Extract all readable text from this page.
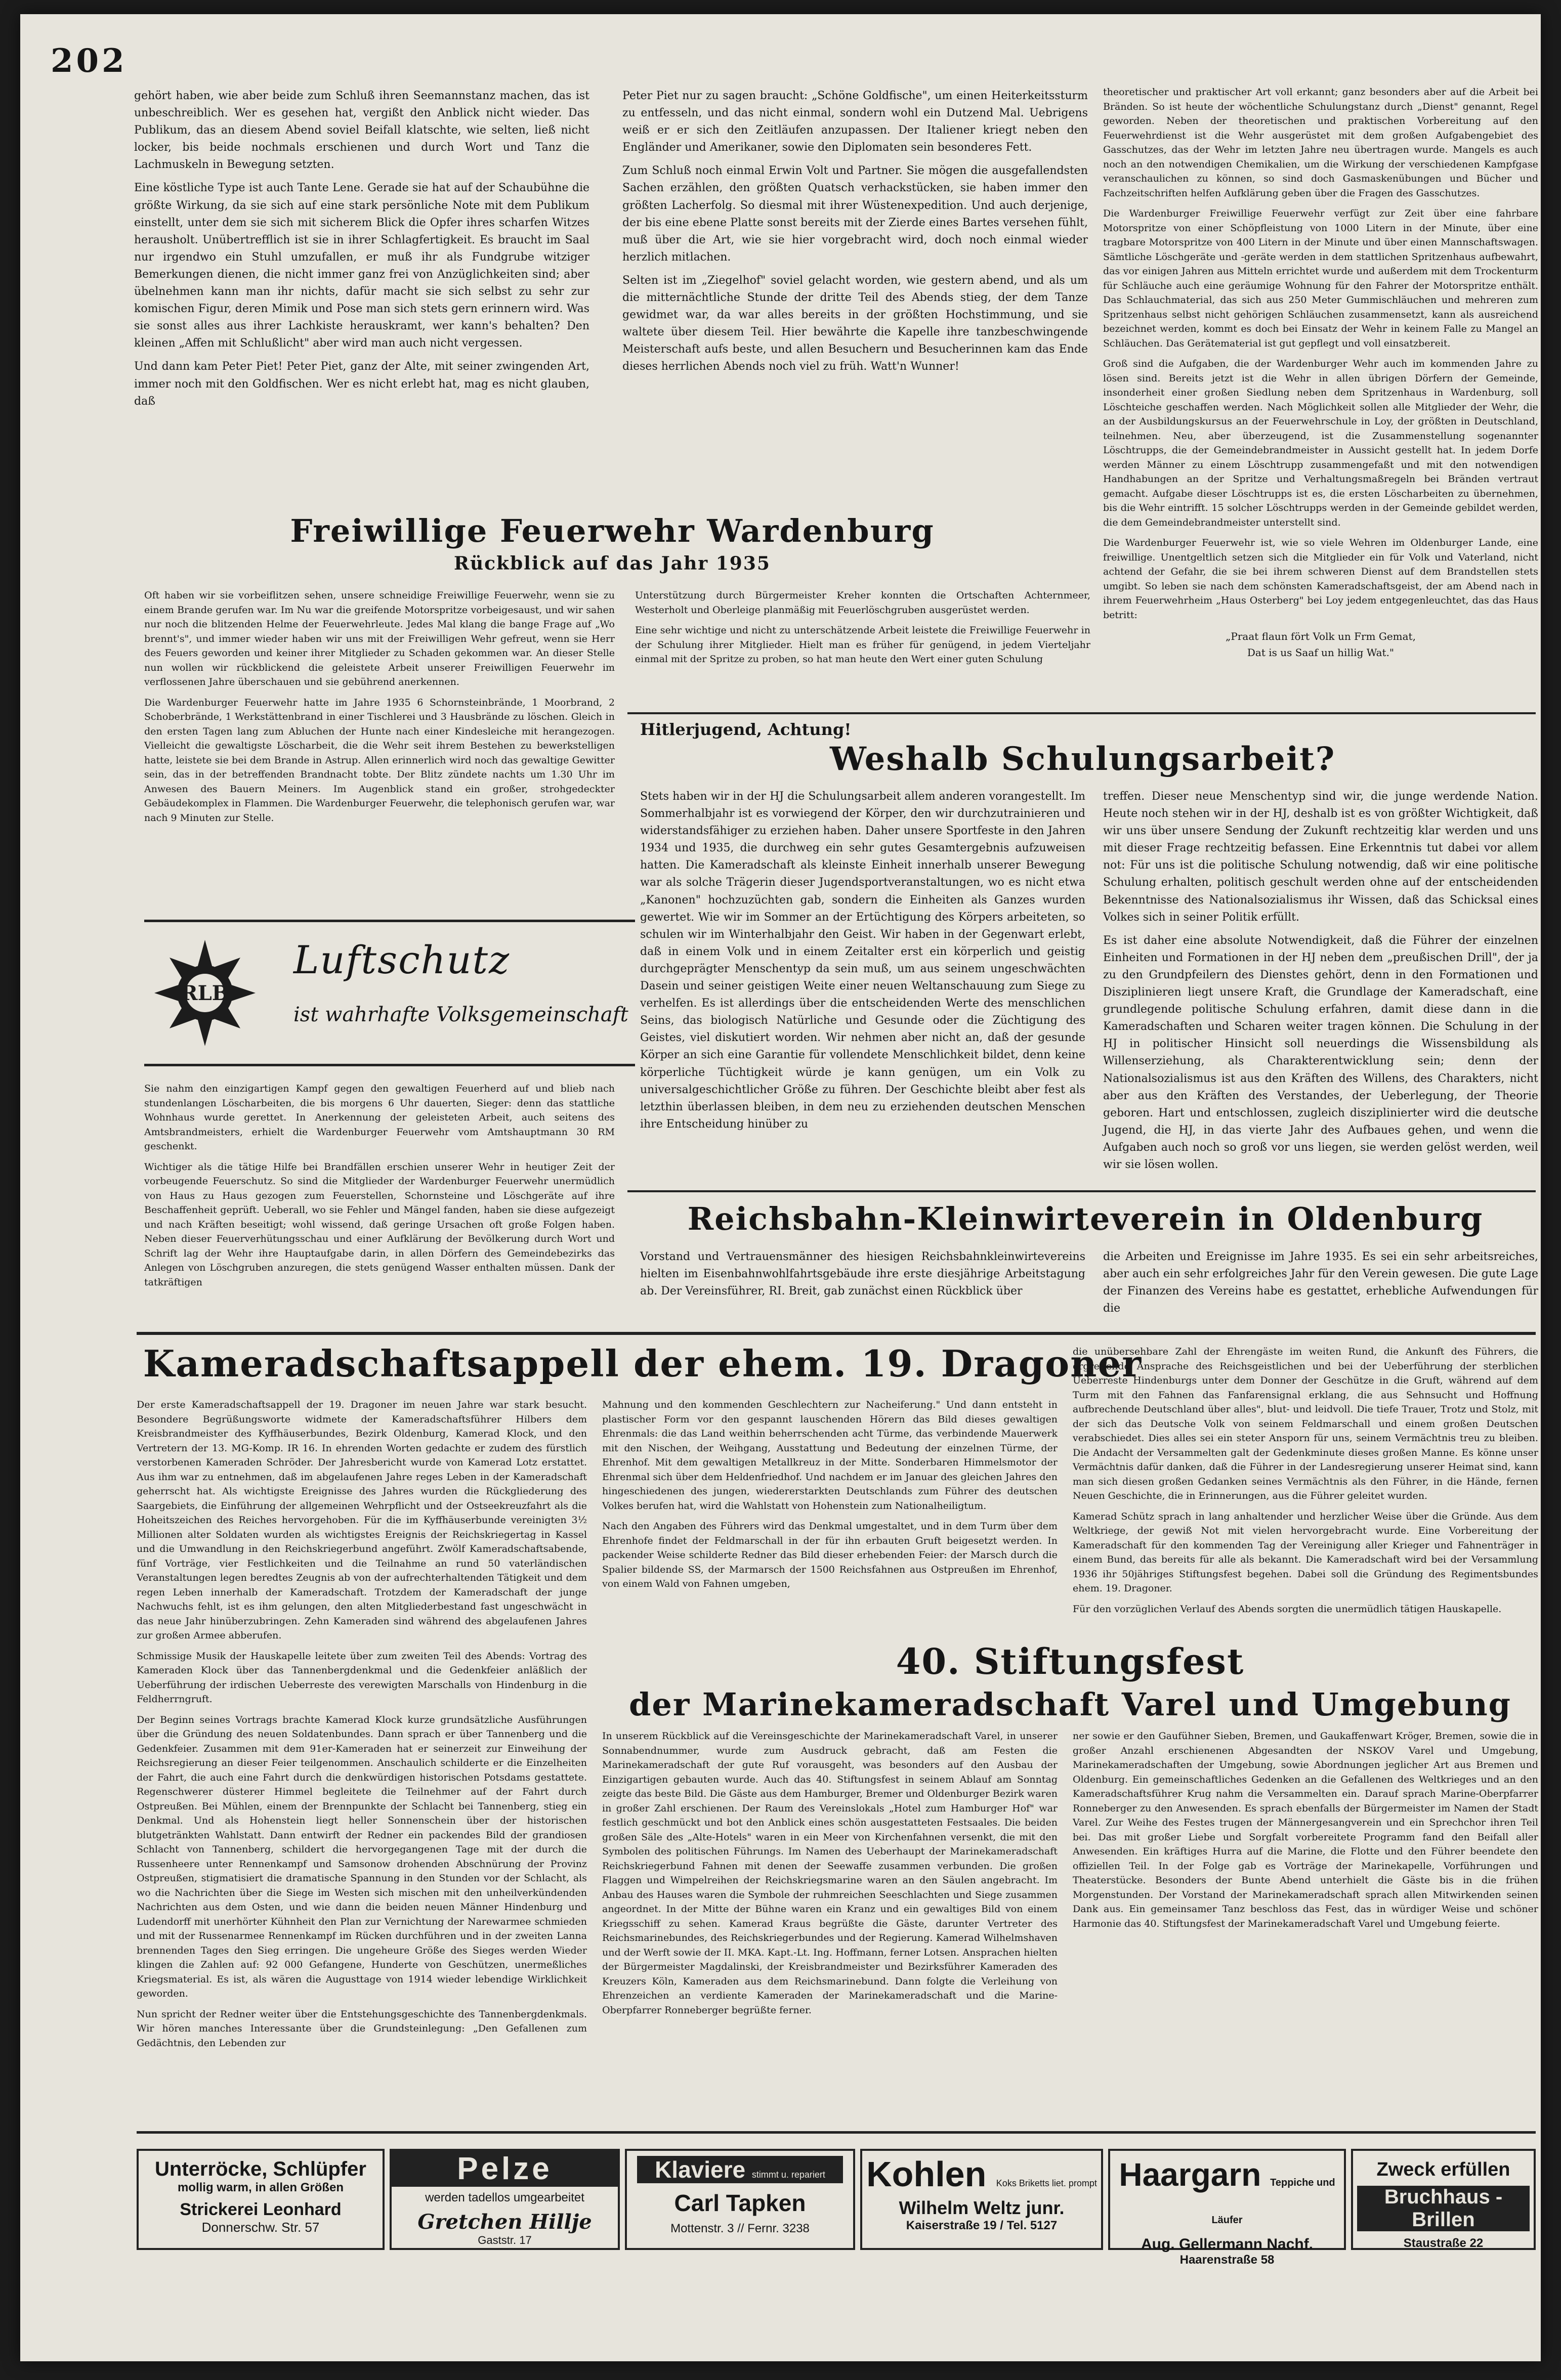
202

gehört haben, wie aber beide zum Schluß ihren Seemannstanz machen, das ist unbeschreiblich. Wer es gesehen hat, vergißt den Anblick nicht wieder. Das Publikum, das an diesem Abend soviel Beifall klatschte, wie selten, ließ nicht locker, bis beide nochmals erschienen und durch Wort und Tanz die Lachmuskeln in Bewegung setzten.

Eine köstliche Type ist auch Tante Lene. Gerade sie hat auf der Schaubühne die größte Wirkung, da sie sich auf eine stark persönliche Note mit dem Publikum einstellt, unter dem sie sich mit sicherem Blick die Opfer ihres scharfen Witzes herausholt. Unübertrefflich ist sie in ihrer Schlagfertigkeit. Es braucht im Saal nur irgendwo ein Stuhl umzufallen, er muß ihr als Fundgrube witziger Bemerkungen dienen, die nicht immer ganz frei von Anzüglichkeiten sind; aber übelnehmen kann man ihr nichts, dafür macht sie sich selbst zu sehr zur komischen Figur, deren Mimik und Pose man sich stets gern erinnern wird. Was sie sonst alles aus ihrer Lachkiste herauskramt, wer kann's behalten? Den kleinen „Affen mit Schlußlicht" aber wird man auch nicht vergessen.

Und dann kam Peter Piet! Peter Piet, ganz der Alte, mit seiner zwingenden Art, immer noch mit den Goldfischen. Wer es nicht erlebt hat, mag es nicht glauben, daß

Peter Piet nur zu sagen braucht: „Schöne Goldfische", um einen Heiterkeitssturm zu entfesseln, und das nicht einmal, sondern wohl ein Dutzend Mal. Uebrigens weiß er er sich den Zeitläufen anzupassen. Der Italiener kriegt neben den Engländer und Amerikaner, sowie den Diplomaten sein besonderes Fett.

Zum Schluß noch einmal Erwin Volt und Partner. Sie mögen die ausgefallendsten Sachen erzählen, den größten Quatsch verhackstücken, sie haben immer den größten Lacherfolg. So diesmal mit ihrer Wüstenexpedition. Und auch derjenige, der bis eine ebene Platte sonst bereits mit der Zierde eines Bartes versehen fühlt, muß über die Art, wie sie hier vorgebracht wird, doch noch einmal wieder herzlich mitlachen.

Selten ist im „Ziegelhof" soviel gelacht worden, wie gestern abend, und als um die mitternächtliche Stunde der dritte Teil des Abends stieg, der dem Tanze gewidmet war, da war alles bereits in der größten Hochstimmung, und sie waltete über diesem Teil. Hier bewährte die Kapelle ihre tanzbeschwingende Meisterschaft aufs beste, und allen Besuchern und Besucherinnen kam das Ende dieses herrlichen Abends noch viel zu früh. Watt'n Wunner!

theoretischer und praktischer Art voll erkannt; ganz besonders aber auf die Arbeit bei Bränden. So ist heute der wöchentliche Schulungstanz durch „Dienst" genannt, Regel geworden. Neben der theoretischen und praktischen Vorbereitung auf den Feuerwehrdienst ist die Wehr ausgerüstet mit dem großen Aufgabengebiet des Gasschutzes, das der Wehr im letzten Jahre neu übertragen wurde. Mangels es auch noch an den notwendigen Chemikalien, um die Wirkung der verschiedenen Kampfgase veranschaulichen zu können, so sind doch Gasmaskenübungen und Bücher und Fachzeitschriften helfen Aufklärung geben über die Fragen des Gasschutzes.

Die Wardenburger Freiwillige Feuerwehr verfügt zur Zeit über eine fahrbare Motorspritze von einer Schöpfleistung von 1000 Litern in der Minute, über eine tragbare Motorspritze von 400 Litern in der Minute und über einen Mannschaftswagen. Sämtliche Löschgeräte und -geräte werden in dem stattlichen Spritzenhaus aufbewahrt, das vor einigen Jahren aus Mitteln errichtet wurde und außerdem mit dem Trockenturm für Schläuche auch eine geräumige Wohnung für den Fahrer der Motorspritze enthält. Das Schlauchmaterial, das sich aus 250 Meter Gummischläuchen und mehreren zum Spritzenhaus selbst nicht gehörigen Schläuchen zusammensetzt, kann als ausreichend bezeichnet werden, kommt es doch bei Einsatz der Wehr in keinem Falle zu Mangel an Schläuchen. Das Gerätematerial ist gut gepflegt und voll einsatzbereit.

Groß sind die Aufgaben, die der Wardenburger Wehr auch im kommenden Jahre zu lösen sind. Bereits jetzt ist die Wehr in allen übrigen Dörfern der Gemeinde, insonderheit einer großen Siedlung neben dem Spritzenhaus in Wardenburg, soll Löschteiche geschaffen werden. Nach Möglichkeit sollen alle Mitglieder der Wehr, die an der Ausbildungskursus an der Feuerwehrschule in Loy, der größten in Deutschland, teilnehmen. Neu, aber überzeugend, ist die Zusammenstellung sogenannter Löschtrupps, die der Gemeindebrandmeister in Aussicht gestellt hat. In jedem Dorfe werden Männer zu einem Löschtrupp zusammengefaßt und mit den notwendigen Handhabungen an der Spritze und Verhaltungsmaßregeln bei Bränden vertraut gemacht. Aufgabe dieser Löschtrupps ist es, die ersten Löscharbeiten zu übernehmen, bis die Wehr eintrifft. 15 solcher Löschtrupps werden in der Gemeinde gebildet werden, die dem Gemeindebrandmeister unterstellt sind.

Die Wardenburger Feuerwehr ist, wie so viele Wehren im Oldenburger Lande, eine freiwillige. Unentgeltlich setzen sich die Mitglieder ein für Volk und Vaterland, nicht achtend der Gefahr, die sie bei ihrem schweren Dienst auf dem Brandstellen stets umgibt. So leben sie nach dem schönsten Kameradschaftsgeist, der am Abend nach in ihrem Feuerwehrheim „Haus Osterberg" bei Loy jedem entgegenleuchtet, das das Haus betritt:

„Praat flaun fört Volk un Frm Gemat,
Dat is us Saaf un hillig Wat."
Freiwillige Feuerwehr Wardenburg
Rückblick auf das Jahr 1935

Oft haben wir sie vorbeiflitzen sehen, unsere schneidige Freiwillige Feuerwehr, wenn sie zu einem Brande gerufen war. Im Nu war die greifende Motorspritze vorbeigesaust, und wir sahen nur noch die blitzenden Helme der Feuerwehrleute. Jedes Mal klang die bange Frage auf „Wo brennt's", und immer wieder haben wir uns mit der Freiwilligen Wehr gefreut, wenn sie Herr des Feuers geworden und keiner ihrer Mitglieder zu Schaden gekommen war. An dieser Stelle nun wollen wir rückblickend die geleistete Arbeit unserer Freiwilligen Feuerwehr im verflossenen Jahre überschauen und sie gebührend anerkennen.

Die Wardenburger Feuerwehr hatte im Jahre 1935 6 Schornsteinbrände, 1 Moorbrand, 2 Schoberbrände, 1 Werkstättenbrand in einer Tischlerei und 3 Hausbrände zu löschen. Gleich in den ersten Tagen lang zum Abluchen der Hunte nach einer Kindesleiche mit herangezogen. Vielleicht die gewaltigste Löscharbeit, die die Wehr seit ihrem Bestehen zu bewerkstelligen hatte, leistete sie bei dem Brande in Astrup. Allen erinnerlich wird noch das gewaltige Gewitter sein, das in der betreffenden Brandnacht tobte. Der Blitz zündete nachts um 1.30 Uhr im Anwesen des Bauern Meiners. Im Augenblick stand ein großer, strohgedeckter Gebäudekomplex in Flammen. Die Wardenburger Feuerwehr, die telephonisch gerufen war, war nach 9 Minuten zur Stelle.

Unterstützung durch Bürgermeister Kreher konnten die Ortschaften Achternmeer, Westerholt und Oberleige planmäßig mit Feuerlöschgruben ausgerüstet werden.

Eine sehr wichtige und nicht zu unterschätzende Arbeit leistete die Freiwillige Feuerwehr in der Schulung ihrer Mitglieder. Hielt man es früher für genügend, in jedem Vierteljahr einmal mit der Spritze zu proben, so hat man heute den Wert einer guten Schulung

RLB
Luftschutz
ist wahrhafte Volksgemeinschaft

Sie nahm den einzigartigen Kampf gegen den gewaltigen Feuerherd auf und blieb nach stundenlangen Löscharbeiten, die bis morgens 6 Uhr dauerten, Sieger: denn das stattliche Wohnhaus wurde gerettet. In Anerkennung der geleisteten Arbeit, auch seitens des Amtsbrandmeisters, erhielt die Wardenburger Feuerwehr vom Amtshauptmann 30 RM geschenkt.

Wichtiger als die tätige Hilfe bei Brandfällen erschien unserer Wehr in heutiger Zeit der vorbeugende Feuerschutz. So sind die Mitglieder der Wardenburger Feuerwehr unermüdlich von Haus zu Haus gezogen zum Feuerstellen, Schornsteine und Löschgeräte auf ihre Beschaffenheit geprüft. Ueberall, wo sie Fehler und Mängel fanden, haben sie diese aufgezeigt und nach Kräften beseitigt; wohl wissend, daß geringe Ursachen oft große Folgen haben. Neben dieser Feuerverhütungsschau und einer Aufklärung der Bevölkerung durch Wort und Schrift lag der Wehr ihre Hauptaufgabe darin, in allen Dörfern des Gemeindebezirks das Anlegen von Löschgruben anzuregen, die stets genügend Wasser enthalten müssen. Dank der tatkräftigen

Hitlerjugend, Achtung!
Weshalb Schulungsarbeit?

Stets haben wir in der HJ die Schulungsarbeit allem anderen vorangestellt. Im Sommerhalbjahr ist es vorwiegend der Körper, den wir durchzutrainieren und widerstandsfähiger zu erziehen haben. Daher unsere Sportfeste in den Jahren 1934 und 1935, die durchweg ein sehr gutes Gesamtergebnis aufzuweisen hatten. Die Kameradschaft als kleinste Einheit innerhalb unserer Bewegung war als solche Trägerin dieser Jugendsportveranstaltungen, wo es nicht etwa „Kanonen" hochzuzüchten gab, sondern die Einheiten als Ganzes wurden gewertet. Wie wir im Sommer an der Ertüchtigung des Körpers arbeiteten, so schulen wir im Winterhalbjahr den Geist. Wir haben in der Gegenwart erlebt, daß in einem Volk und in einem Zeitalter erst ein körperlich und geistig durchgeprägter Menschentyp da sein muß, um aus seinem ungeschwächten Dasein und seiner geistigen Weite einer neuen Weltanschauung zum Siege zu verhelfen. Es ist allerdings über die entscheidenden Werte des menschlichen Seins, das biologisch Natürliche und Gesunde oder die Züchtigung des Geistes, viel diskutiert worden. Wir nehmen aber nicht an, daß der gesunde Körper an sich eine Garantie für vollendete Menschlichkeit bildet, denn keine körperliche Tüchtigkeit würde je kann genügen, um ein Volk zu universalgeschichtlicher Größe zu führen. Der Geschichte bleibt aber fest als letzthin überlassen bleiben, in dem neu zu erziehenden deutschen Menschen ihre Entscheidung hinüber zu

treffen. Dieser neue Menschentyp sind wir, die junge werdende Nation. Heute noch stehen wir in der HJ, deshalb ist es von größter Wichtigkeit, daß wir uns über unsere Sendung der Zukunft rechtzeitig klar werden und uns mit dieser Frage rechtzeitig befassen. Eine Erkenntnis tut dabei vor allem not: Für uns ist die politische Schulung notwendig, daß wir eine politische Schulung erhalten, politisch geschult werden ohne auf der entscheidenden Bekenntnisse des Nationalsozialismus ihr Wissen, daß das Schicksal eines Volkes sich in seiner Politik erfüllt.

Es ist daher eine absolute Notwendigkeit, daß die Führer der einzelnen Einheiten und Formationen in der HJ neben dem „preußischen Drill", der ja zu den Grundpfeilern des Dienstes gehört, denn in den Formationen und Disziplinieren liegt unsere Kraft, die Grundlage der Kameradschaft, eine grundlegende politische Schulung erfahren, damit diese dann in die Kameradschaften und Scharen weiter tragen können. Die Schulung in der HJ in politischer Hinsicht soll neuerdings die Wissensbildung als Willenserziehung, als Charakterentwicklung sein; denn der Nationalsozialismus ist aus den Kräften des Willens, des Charakters, nicht aber aus den Kräften des Verstandes, der Ueberlegung, der Theorie geboren. Hart und entschlossen, zugleich disziplinierter wird die deutsche Jugend, die HJ, in das vierte Jahr des Aufbaues gehen, und wenn die Aufgaben auch noch so groß vor uns liegen, sie werden gelöst werden, weil wir sie lösen wollen.

Reichsbahn-Kleinwirteverein in Oldenburg

Vorstand und Vertrauensmänner des hiesigen Reichsbahnkleinwirtevereins hielten im Eisenbahnwohlfahrtsgebäude ihre erste diesjährige Arbeitstagung ab. Der Vereinsführer, RI. Breit, gab zunächst einen Rückblick über

die Arbeiten und Ereignisse im Jahre 1935. Es sei ein sehr arbeitsreiches, aber auch ein sehr erfolgreiches Jahr für den Verein gewesen. Die gute Lage der Finanzen des Vereins habe es gestattet, erhebliche Aufwendungen für die

Kameradschaftsappell der ehem. 19. Dragoner

Der erste Kameradschaftsappell der 19. Dragoner im neuen Jahre war stark besucht. Besondere Begrüßungsworte widmete der Kameradschaftsführer Hilbers dem Kreisbrandmeister des Kyffhäuserbundes, Bezirk Oldenburg, Kamerad Klock, und den Vertretern der 13. MG-Komp. IR 16. In ehrenden Worten gedachte er zudem des fürstlich verstorbenen Kameraden Schröder. Der Jahresbericht wurde von Kamerad Lotz erstattet. Aus ihm war zu entnehmen, daß im abgelaufenen Jahre reges Leben in der Kameradschaft geherrscht hat. Als wichtigste Ereignisse des Jahres wurden die Rückgliederung des Saargebiets, die Einführung der allgemeinen Wehrpflicht und der Ostseekreuzfahrt als die Hoheitszeichen des Reiches hervorgehoben. Für die im Kyffhäuserbunde vereinigten 3½ Millionen alter Soldaten wurden als wichtigstes Ereignis der Reichskriegertag in Kassel und die Umwandlung in den Reichskriegerbund angeführt. Zwölf Kameradschaftsabende, fünf Vorträge, vier Festlichkeiten und die Teilnahme an rund 50 vaterländischen Veranstaltungen legen beredtes Zeugnis ab von der aufrechterhaltenden Tätigkeit und dem regen Leben innerhalb der Kameradschaft. Trotzdem der Kameradschaft der junge Nachwuchs fehlt, ist es ihm gelungen, den alten Mitgliederbestand fast ungeschwächt in das neue Jahr hinüberzubringen. Zehn Kameraden sind während des abgelaufenen Jahres zur großen Armee abberufen.

Schmissige Musik der Hauskapelle leitete über zum zweiten Teil des Abends: Vortrag des Kameraden Klock über das Tannenbergdenkmal und die Gedenkfeier anläßlich der Ueberführung der irdischen Ueberreste des verewigten Marschalls von Hindenburg in die Feldherrngruft.

Der Beginn seines Vortrags brachte Kamerad Klock kurze grundsätzliche Ausführungen über die Gründung des neuen Soldatenbundes. Dann sprach er über Tannenberg und die Gedenkfeier. Zusammen mit dem 91er-Kameraden hat er seinerzeit zur Einweihung der Reichsregierung an dieser Feier teilgenommen. Anschaulich schilderte er die Einzelheiten der Fahrt, die auch eine Fahrt durch die denkwürdigen historischen Potsdams gestattete. Regenschwerer düsterer Himmel begleitete die Teilnehmer auf der Fahrt durch Ostpreußen. Bei Mühlen, einem der Brennpunkte der Schlacht bei Tannenberg, stieg ein Denkmal. Und als Hohenstein liegt heller Sonnenschein über der historischen blutgetränkten Wahlstatt. Dann entwirft der Redner ein packendes Bild der grandiosen Schlacht von Tannenberg, schildert die hervorgegangenen Tage mit der durch die Russenheere unter Rennenkampf und Samsonow drohenden Abschnürung der Provinz Ostpreußen, stigmatisiert die dramatische Spannung in den Stunden vor der Schlacht, als wo die Nachrichten über die Siege im Westen sich mischen mit den unheilverkündenden Nachrichten aus dem Osten, und wie dann die beiden neuen Männer Hindenburg und Ludendorff mit unerhörter Kühnheit den Plan zur Vernichtung der Narewarmee schmieden und mit der Russenarmee Rennenkampf im Rücken durchführen und in der zweiten Lanna brennenden Tages den Sieg erringen. Die ungeheure Größe des Sieges werden Wieder klingen die Zahlen auf: 92 000 Gefangene, Hunderte von Geschützen, unermeßliches Kriegsmaterial. Es ist, als wären die Augusttage von 1914 wieder lebendige Wirklichkeit geworden.

Nun spricht der Redner weiter über die Entstehungsgeschichte des Tannenbergdenkmals. Wir hören manches Interessante über die Grundsteinlegung: „Den Gefallenen zum Gedächtnis, den Lebenden zur

Mahnung und den kommenden Geschlechtern zur Nacheiferung." Und dann entsteht in plastischer Form vor den gespannt lauschenden Hörern das Bild dieses gewaltigen Ehrenmals: die das Land weithin beherrschenden acht Türme, das verbindende Mauerwerk mit den Nischen, der Weihgang, Ausstattung und Bedeutung der einzelnen Türme, der Ehrenhof. Mit dem gewaltigen Metallkreuz in der Mitte. Sonderbaren Himmelsmotor der Ehrenmal sich über dem Heldenfriedhof. Und nachdem er im Januar des gleichen Jahres den hingeschiedenen des jungen, wiedererstarkten Deutschlands zum Führer des deutschen Volkes berufen hat, wird die Wahlstatt von Hohenstein zum Nationalheiligtum.

Nach den Angaben des Führers wird das Denkmal umgestaltet, und in dem Turm über dem Ehrenhofe findet der Feldmarschall in der für ihn erbauten Gruft beigesetzt werden. In packender Weise schilderte Redner das Bild dieser erhebenden Feier: der Marsch durch die Spalier bildende SS, der Marmarsch der 1500 Reichsfahnen aus Ostpreußen im Ehrenhof, von einem Wald von Fahnen umgeben,

die unübersehbare Zahl der Ehrengäste im weiten Rund, die Ankunft des Führers, die ergreifende Ansprache des Reichsgeistlichen und bei der Ueberführung der sterblichen Ueberreste Hindenburgs unter dem Donner der Geschütze in die Gruft, während auf dem Turm mit den Fahnen das Fanfarensignal erklang, die aus Sehnsucht und Hoffnung aufbrechende Deutschland über alles", blut- und leidvoll. Die tiefe Trauer, Trotz und Stolz, mit der sich das Deutsche Volk von seinem Feldmarschall und einem großen Deutschen verabschiedet. Dies alles sei ein steter Ansporn für uns, seinem Vermächtnis treu zu bleiben. Die Andacht der Versammelten galt der Gedenkminute dieses großen Manne. Es könne unser Vermächtnis dafür danken, daß die Führer in der Landesregierung unserer Heimat sind, kann man sich diesen großen Gedanken seines Vermächtnis als den Führer, in die Hände, fernen Neuen Geschichte, die in Erinnerungen, aus die Führer geleitet wurden.

Kamerad Schütz sprach in lang anhaltender und herzlicher Weise über die Gründe. Aus dem Weltkriege, der gewiß Not mit vielen hervorgebracht wurde. Eine Vorbereitung der Kameradschaft für den kommenden Tag der Vereinigung aller Krieger und Fahnenträger in einem Bund, das bereits für alle als bekannt. Die Kameradschaft wird bei der Versammlung 1936 ihr 50jähriges Stiftungsfest begehen. Dabei soll die Gründung des Regimentsbundes ehem. 19. Dragoner.

Für den vorzüglichen Verlauf des Abends sorgten die unermüdlich tätigen Hauskapelle.

40. Stiftungsfest
der Marinekameradschaft Varel und Umgebung

In unserem Rückblick auf die Vereinsgeschichte der Marinekameradschaft Varel, in unserer Sonnabendnummer, wurde zum Ausdruck gebracht, daß am Festen die Marinekameradschaft der gute Ruf vorausgeht, was besonders auf den Ausbau der Einzigartigen gebauten wurde. Auch das 40. Stiftungsfest in seinem Ablauf am Sonntag zeigte das beste Bild. Die Gäste aus dem Hamburger, Bremer und Oldenburger Bezirk waren in großer Zahl erschienen. Der Raum des Vereinslokals „Hotel zum Hamburger Hof" war festlich geschmückt und bot den Anblick eines schön ausgestatteten Festsaales. Die beiden großen Säle des „Alte-Hotels" waren in ein Meer von Kirchenfahnen versenkt, die mit den Symbolen des politischen Führungs. Im Namen des Ueberhaupt der Marinekameradschaft Reichskriegerbund Fahnen mit denen der Seewaffe zusammen verbunden. Die großen Flaggen und Wimpelreihen der Reichskriegsmarine waren an den Säulen angebracht. Im Anbau des Hauses waren die Symbole der ruhmreichen Seeschlachten und Siege zusammen angeordnet. In der Mitte der Bühne waren ein Kranz und ein gewaltiges Bild von einem Kriegsschiff zu sehen. Kamerad Kraus begrüßte die Gäste, darunter Vertreter des Reichsmarinebundes, des Reichskriegerbundes und der Regierung. Kamerad Wilhelmshaven und der Werft sowie der II. MKA. Kapt.-Lt. Ing. Hoffmann, ferner Lotsen. Ansprachen hielten der Bürgermeister Magdalinski, der Kreisbrandmeister und Bezirksführer Kameraden des Kreuzers Köln, Kameraden aus dem Reichsmarinebund. Dann folgte die Verleihung von Ehrenzeichen an verdiente Kameraden der Marinekameradschaft und die Marine-Oberpfarrer Ronneberger begrüßte ferner.

ner sowie er den Gaufühner Sieben, Bremen, und Gaukaffenwart Kröger, Bremen, sowie die in großer Anzahl erschienenen Abgesandten der NSKOV Varel und Umgebung, Marinekameradschaften der Umgebung, sowie Abordnungen jeglicher Art aus Bremen und Oldenburg. Ein gemeinschaftliches Gedenken an die Gefallenen des Weltkrieges und an den Kameradschaftsführer Krug nahm die Versammelten ein. Darauf sprach Marine-Oberpfarrer Ronneberger zu den Anwesenden. Es sprach ebenfalls der Bürgermeister im Namen der Stadt Varel. Zur Weihe des Festes trugen der Männergesangverein und ein Sprechchor ihren Teil bei. Das mit großer Liebe und Sorgfalt vorbereitete Programm fand den Beifall aller Anwesenden. Ein kräftiges Hurra auf die Marine, die Flotte und den Führer beendete den offiziellen Teil. In der Folge gab es Vorträge der Marinekapelle, Vorführungen und Theaterstücke. Besonders der Bunte Abend unterhielt die Gäste bis in die frühen Morgenstunden. Der Vorstand der Marinekameradschaft sprach allen Mitwirkenden seinen Dank aus. Ein gemeinsamer Tanz beschloss das Fest, das in würdiger Weise und schöner Harmonie das 40. Stiftungsfest der Marinekameradschaft Varel und Umgebung feierte.

Unterröcke, Schlüpfer
mollig warm, in allen Größen
Strickerei Leonhard
Donnerschw. Str. 57
Pelze
werden tadellos umgearbeitet
Gretchen Hillje
Gaststr. 17
Klaviere stimmt u. repariert
Carl Tapken
Mottenstr. 3 // Fernr. 3238
Kohlen Koks Briketts liet. prompt
Wilhelm Weltz junr.
Kaiserstraße 19 / Tel. 5127
Haargarn Teppiche und Läufer
Aug. Gellermann Nachf.
Haarenstraße 58
Zweck erfüllen
Bruchhaus - Brillen
Staustraße 22
